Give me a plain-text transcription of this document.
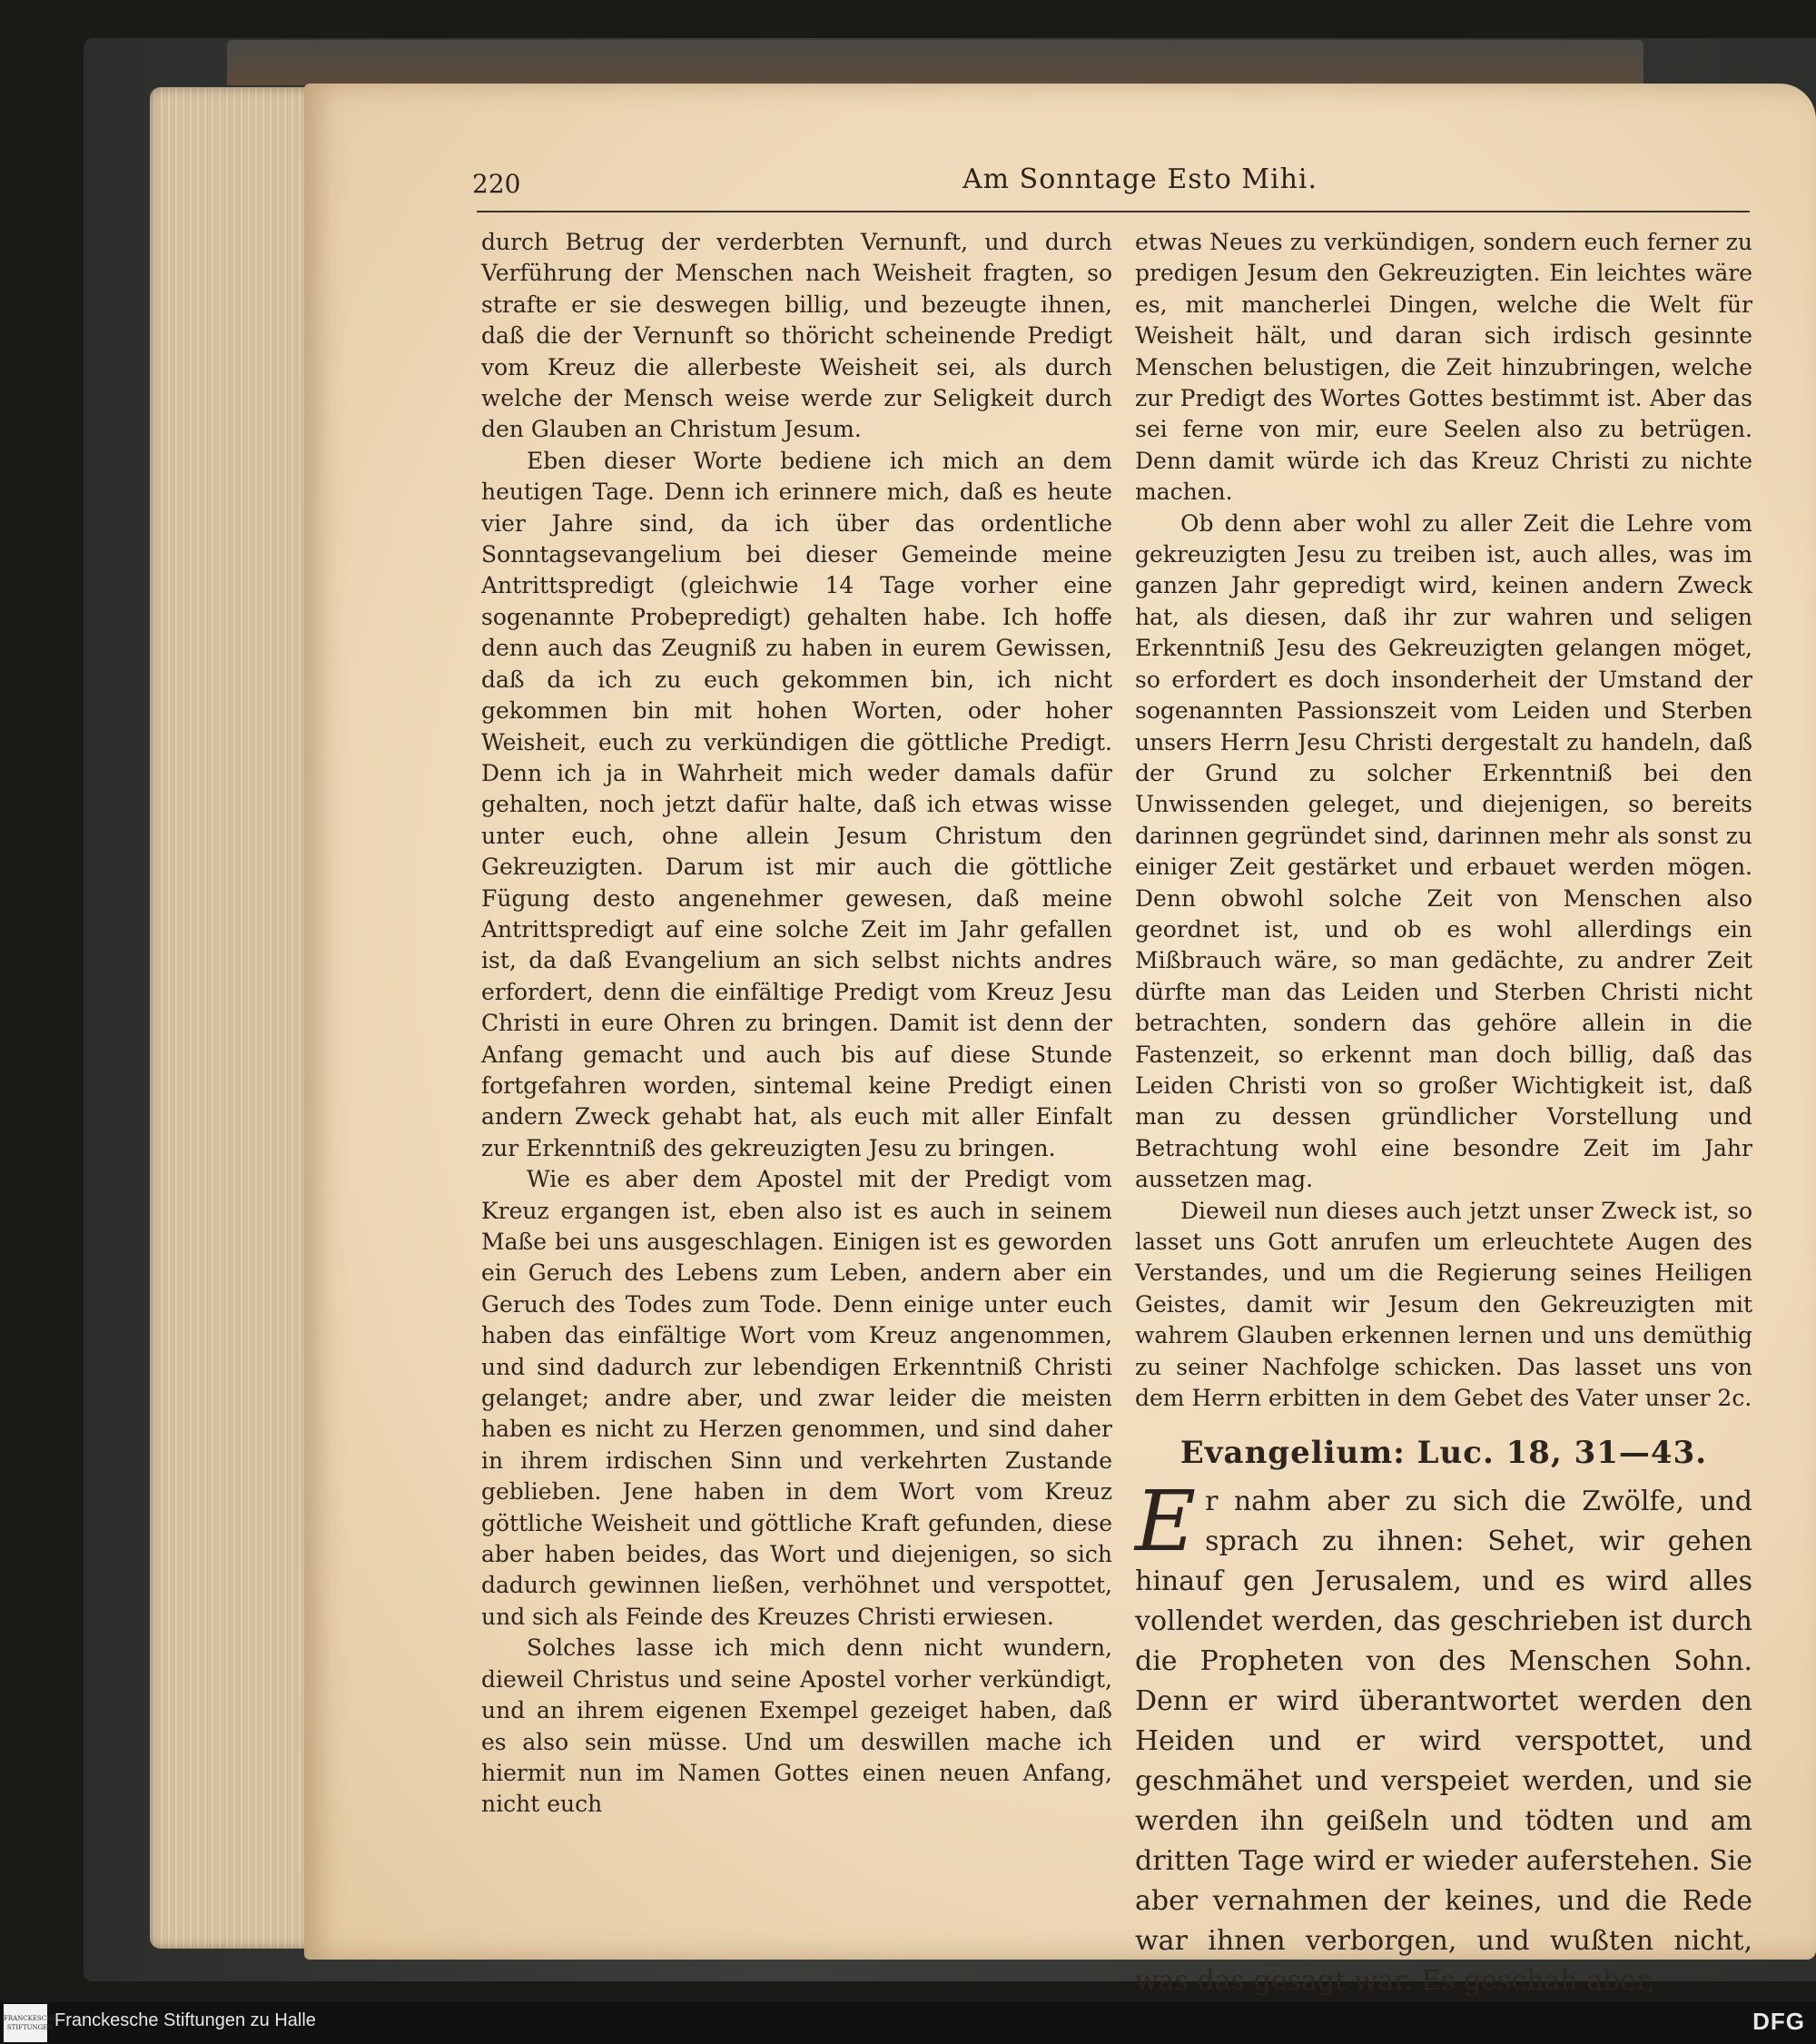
220	Am Sonntage Esto Mihi.

durch Betrug der verderbten Vernunft, und durch Verführung der Menschen nach Weisheit fragten, so strafte er sie deswegen billig, und bezeugte ihnen, daß die der Vernunft so thöricht scheinende Predigt vom Kreuz die allerbeste Weisheit sei, als durch welche der Mensch weise werde zur Seligkeit durch den Glauben an Christum Jesum.

Eben dieser Worte bediene ich mich an dem heutigen Tage. Denn ich erinnere mich, daß es heute vier Jahre sind, da ich über das ordentliche Sonntagsevangelium bei dieser Gemeinde meine Antrittspredigt (gleichwie 14 Tage vorher eine sogenannte Probepredigt) gehalten habe. Ich hoffe denn auch das Zeugniß zu haben in eurem Gewissen, daß da ich zu euch gekommen bin, ich nicht gekommen bin mit hohen Worten, oder hoher Weisheit, euch zu verkündigen die göttliche Predigt. Denn ich ja in Wahrheit mich weder damals dafür gehalten, noch jetzt dafür halte, daß ich etwas wisse unter euch, ohne allein Jesum Christum den Gekreuzigten. Darum ist mir auch die göttliche Fügung desto angenehmer gewesen, daß meine Antrittspredigt auf eine solche Zeit im Jahr gefallen ist, da daß Evangelium an sich selbst nichts andres erfordert, denn die einfältige Predigt vom Kreuz Jesu Christi in eure Ohren zu bringen. Damit ist denn der Anfang gemacht und auch bis auf diese Stunde fortgefahren worden, sintemal keine Predigt einen andern Zweck gehabt hat, als euch mit aller Einfalt zur Erkenntniß des gekreuzigten Jesu zu bringen.

Wie es aber dem Apostel mit der Predigt vom Kreuz ergangen ist, eben also ist es auch in seinem Maße bei uns ausgeschlagen. Einigen ist es geworden ein Geruch des Lebens zum Leben, andern aber ein Geruch des Todes zum Tode. Denn einige unter euch haben das einfältige Wort vom Kreuz angenommen, und sind dadurch zur lebendigen Erkenntniß Christi gelanget; andre aber, und zwar leider die meisten haben es nicht zu Herzen genommen, und sind daher in ihrem irdischen Sinn und verkehrten Zustande geblieben. Jene haben in dem Wort vom Kreuz göttliche Weisheit und göttliche Kraft gefunden, diese aber haben beides, das Wort und diejenigen, so sich dadurch gewinnen ließen, verhöhnet und verspottet, und sich als Feinde des Kreuzes Christi erwiesen.

Solches lasse ich mich denn nicht wundern, dieweil Christus und seine Apostel vorher verkündigt, und an ihrem eigenen Exempel gezeiget haben, daß es also sein müsse. Und um deswillen mache ich hiermit nun im Namen Gottes einen neuen Anfang, nicht euch

etwas Neues zu verkündigen, sondern euch ferner zu predigen Jesum den Gekreuzigten. Ein leichtes wäre es, mit mancherlei Dingen, welche die Welt für Weisheit hält, und daran sich irdisch gesinnte Menschen belustigen, die Zeit hinzubringen, welche zur Predigt des Wortes Gottes bestimmt ist. Aber das sei ferne von mir, eure Seelen also zu betrügen. Denn damit würde ich das Kreuz Christi zu nichte machen.

Ob denn aber wohl zu aller Zeit die Lehre vom gekreuzigten Jesu zu treiben ist, auch alles, was im ganzen Jahr gepredigt wird, keinen andern Zweck hat, als diesen, daß ihr zur wahren und seligen Erkenntniß Jesu des Gekreuzigten gelangen möget, so erfordert es doch insonderheit der Umstand der sogenannten Passionszeit vom Leiden und Sterben unsers Herrn Jesu Christi dergestalt zu handeln, daß der Grund zu solcher Erkenntniß bei den Unwissenden geleget, und diejenigen, so bereits darinnen gegründet sind, darinnen mehr als sonst zu einiger Zeit gestärket und erbauet werden mögen. Denn obwohl solche Zeit von Menschen also geordnet ist, und ob es wohl allerdings ein Mißbrauch wäre, so man gedächte, zu andrer Zeit dürfte man das Leiden und Sterben Christi nicht betrachten, sondern das gehöre allein in die Fastenzeit, so erkennt man doch billig, daß das Leiden Christi von so großer Wichtigkeit ist, daß man zu dessen gründlicher Vorstellung und Betrachtung wohl eine besondre Zeit im Jahr aussetzen mag.

Dieweil nun dieses auch jetzt unser Zweck ist, so lasset uns Gott anrufen um erleuchtete Augen des Verstandes, und um die Regierung seines Heiligen Geistes, damit wir Jesum den Gekreuzigten mit wahrem Glauben erkennen lernen und uns demüthig zu seiner Nachfolge schicken. Das lasset uns von dem Herrn erbitten in dem Gebet des Vater unser 2c.

Evangelium: Luc. 18, 31—43.
Er nahm aber zu sich die Zwölfe, und sprach zu ihnen: Sehet, wir gehen hinauf gen Jerusalem, und es wird alles vollendet werden, das geschrieben ist durch die Propheten von des Menschen Sohn. Denn er wird überantwortet werden den Heiden und er wird verspottet, und geschmähet und verspeiet werden, und sie werden ihn geißeln und tödten und am dritten Tage wird er wieder auferstehen. Sie aber vernahmen der keines, und die Rede war ihnen verborgen, und wußten nicht, was das gesagt war. Es geschah aber,
FRANCKESCHE STIFTUNGEN Franckesche Stiftungen zu Halle	DFG
